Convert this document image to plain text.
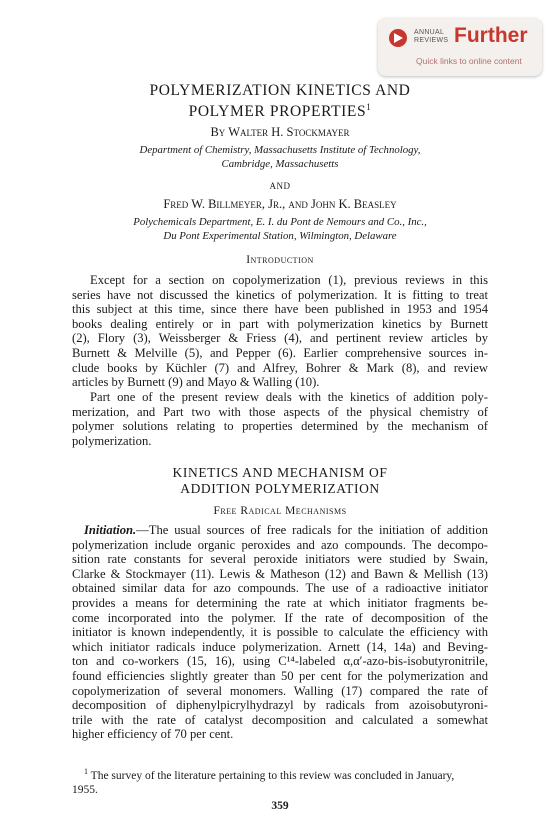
ANNUAL
REVIEWS Further
Quick links to online content
POLYMERIZATION KINETICS AND
POLYMER PROPERTIES$^1$
By Walter H. Stockmayer
Department of Chemistry, Massachusetts Institute of Technology,
Cambridge, Massachusetts
AND
Fred W. Billmeyer, Jr., and John K. Beasley
Polychemicals Department, E. I. du Pont de Nemours and Co., Inc.,
Du Pont Experimental Station, Wilmington, Delaware
Introduction
Except for a section on copolymerization (1), previous reviews in this
series have not discussed the kinetics of polymerization. It is fitting to treat
this subject at this time, since there have been published in 1953 and 1954
books dealing entirely or in part with polymerization kinetics by Burnett
(2), Flory (3), Weissberger & Friess (4), and pertinent review articles by
Burnett & Melville (5), and Pepper (6). Earlier comprehensive sources in-
clude books by Küchler (7) and Alfrey, Bohrer & Mark (8), and review
articles by Burnett (9) and Mayo & Walling (10).
Part one of the present review deals with the kinetics of addition poly-
merization, and Part two with those aspects of the physical chemistry of
polymer solutions relating to properties determined by the mechanism of
polymerization.
KINETICS AND MECHANISM OF
ADDITION POLYMERIZATION
Free Radical Mechanisms
Initiation.—The usual sources of free radicals for the initiation of addition
polymerization include organic peroxides and azo compounds. The decompo-
sition rate constants for several peroxide initiators were studied by Swain,
Clarke & Stockmayer (11). Lewis & Matheson (12) and Bawn & Mellish (13)
obtained similar data for azo compounds. The use of a radioactive initiator
provides a means for determining the rate at which initiator fragments be-
come incorporated into the polymer. If the rate of decomposition of the
initiator is known independently, it is possible to calculate the efficiency with
which initiator radicals induce polymerization. Arnett (14, 14a) and Beving-
ton and co-workers (15, 16), using C¹⁴-labeled α,α′-azo-bis-isobutyronitrile,
found efficiencies slightly greater than 50 per cent for the polymerization and
copolymerization of several monomers. Walling (17) compared the rate of
decomposition of diphenylpicrylhydrazyl by radicals from azoisobutyroni-
trile with the rate of catalyst decomposition and calculated a somewhat
higher efficiency of 70 per cent.
$^1$ The survey of the literature pertaining to this review was concluded in January,
1955.
359
